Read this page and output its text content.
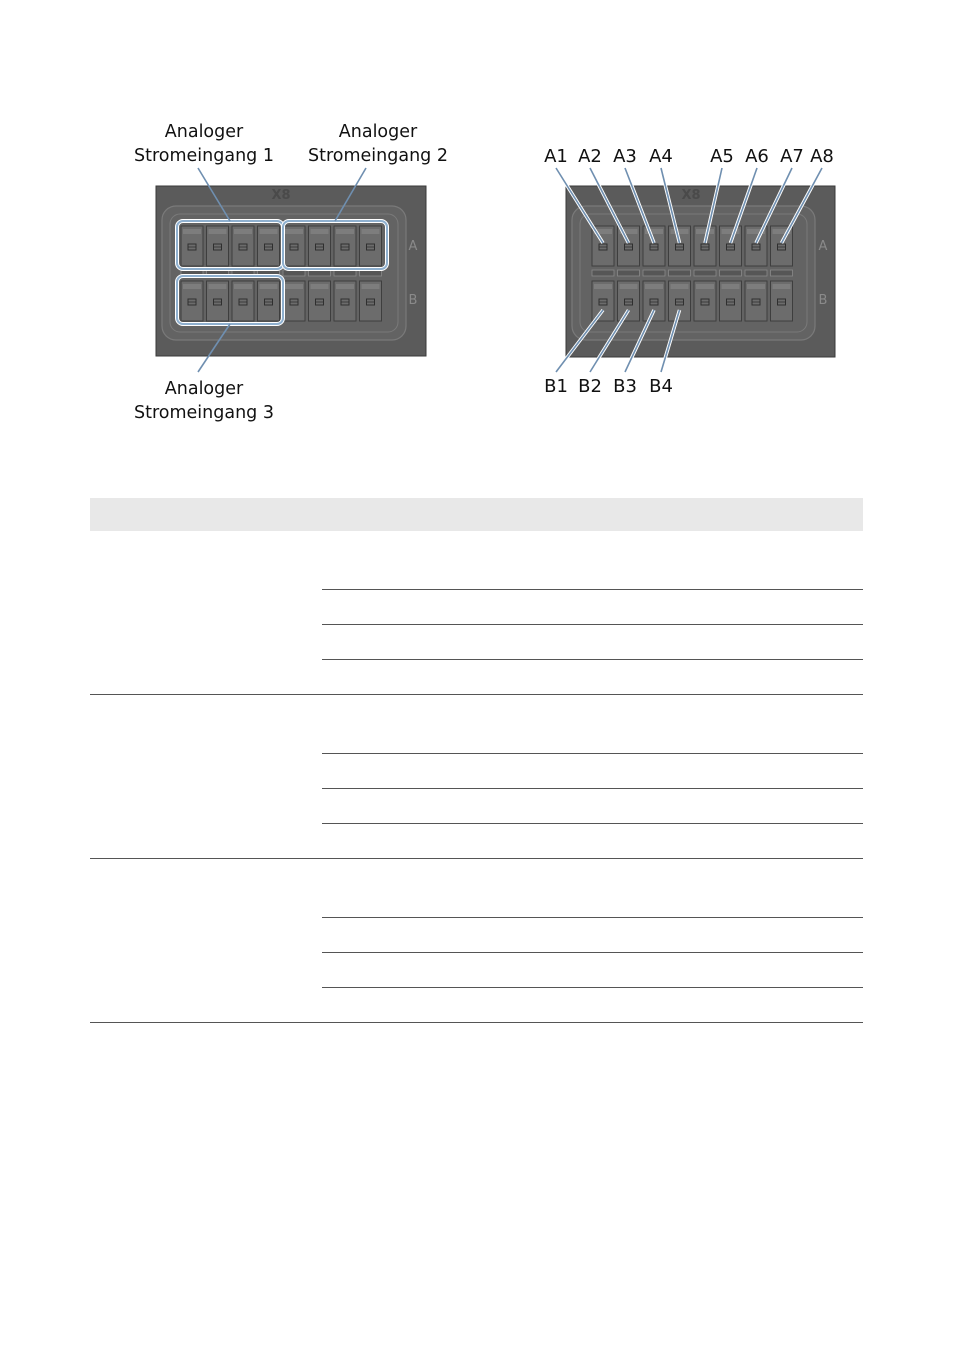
X8
A
B
Analoger
Stromeingang 1
Analoger
Stromeingang 2
Analoger
Stromeingang 3
X8
A
B
A1 A2 A3 A4 A5 A6 A7 A8
B1 B2 B3 B4
